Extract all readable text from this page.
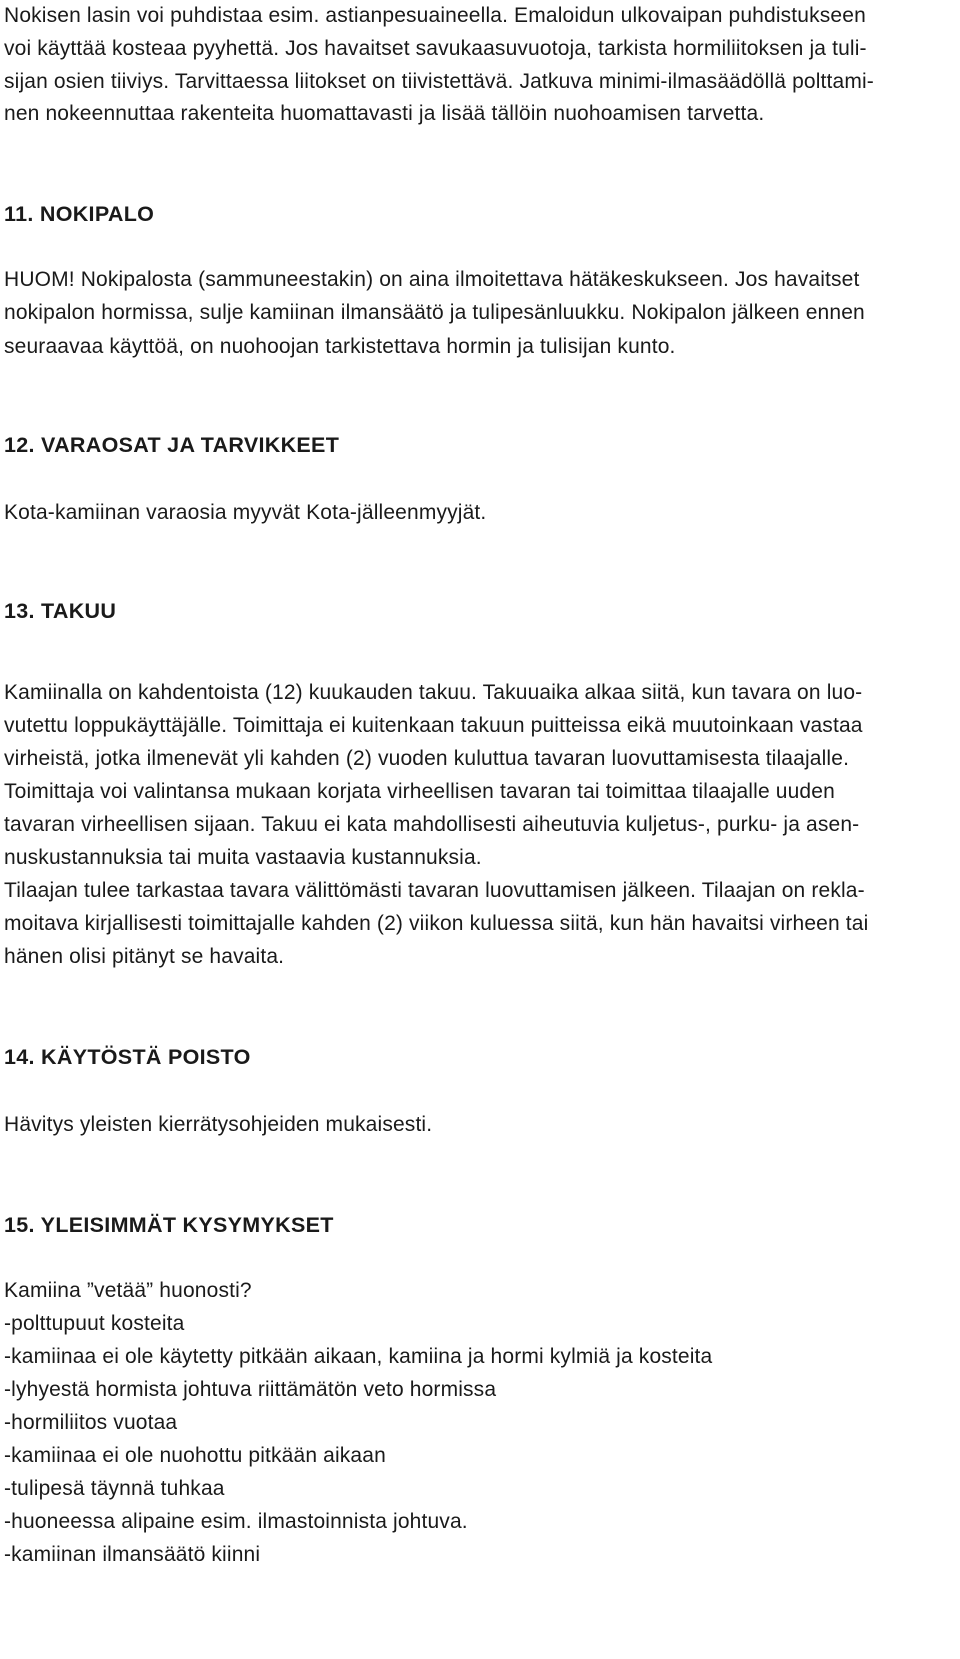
Nokisen lasin voi puhdistaa esim. astianpesuaineella. Emaloidun ulkovaipan puhdistukseen

voi käyttää kosteaa pyyhettä. Jos havaitset savukaasuvuotoja, tarkista hormiliitoksen ja tuli-

sijan osien tiiviys. Tarvittaessa liitokset on tiivistettävä. Jatkuva minimi-ilmasäädöllä polttami-

nen nokeennuttaa rakenteita huomattavasti ja lisää tällöin nuohoamisen tarvetta.

11. NOKIPALO

HUOM! Nokipalosta (sammuneestakin) on aina ilmoitettava hätäkeskukseen. Jos havaitset

nokipalon hormissa, sulje kamiinan ilmansäätö ja tulipesänluukku. Nokipalon jälkeen ennen

seuraavaa käyttöä, on nuohoojan tarkistettava hormin ja tulisijan kunto.

12. VARAOSAT JA TARVIKKEET

Kota-kamiinan varaosia myyvät Kota-jälleenmyyjät.

13. TAKUU

Kamiinalla on kahdentoista (12) kuukauden takuu. Takuuaika alkaa siitä, kun tavara on luo-

vutettu loppukäyttäjälle. Toimittaja ei kuitenkaan takuun puitteissa eikä muutoinkaan vastaa

virheistä, jotka ilmenevät yli kahden (2) vuoden kuluttua tavaran luovuttamisesta tilaajalle.

Toimittaja voi valintansa mukaan korjata virheellisen tavaran tai toimittaa tilaajalle uuden

tavaran virheellisen sijaan. Takuu ei kata mahdollisesti aiheutuvia kuljetus-, purku- ja asen-

nuskustannuksia tai muita vastaavia kustannuksia.

Tilaajan tulee tarkastaa tavara välittömästi tavaran luovuttamisen jälkeen. Tilaajan on rekla-

moitava kirjallisesti toimittajalle kahden (2) viikon kuluessa siitä, kun hän havaitsi virheen tai

hänen olisi pitänyt se havaita.

14. KÄYTÖSTÄ POISTO

Hävitys yleisten kierrätysohjeiden mukaisesti.

15. YLEISIMMÄT KYSYMYKSET

Kamiina ”vetää” huonosti?

-polttupuut kosteita

-kamiinaa ei ole käytetty pitkään aikaan, kamiina ja hormi kylmiä ja kosteita

-lyhyestä hormista johtuva riittämätön veto hormissa

-hormiliitos vuotaa

-kamiinaa ei ole nuohottu pitkään aikaan

-tulipesä täynnä tuhkaa

-huoneessa alipaine esim. ilmastoinnista johtuva.

-kamiinan ilmansäätö kiinni
